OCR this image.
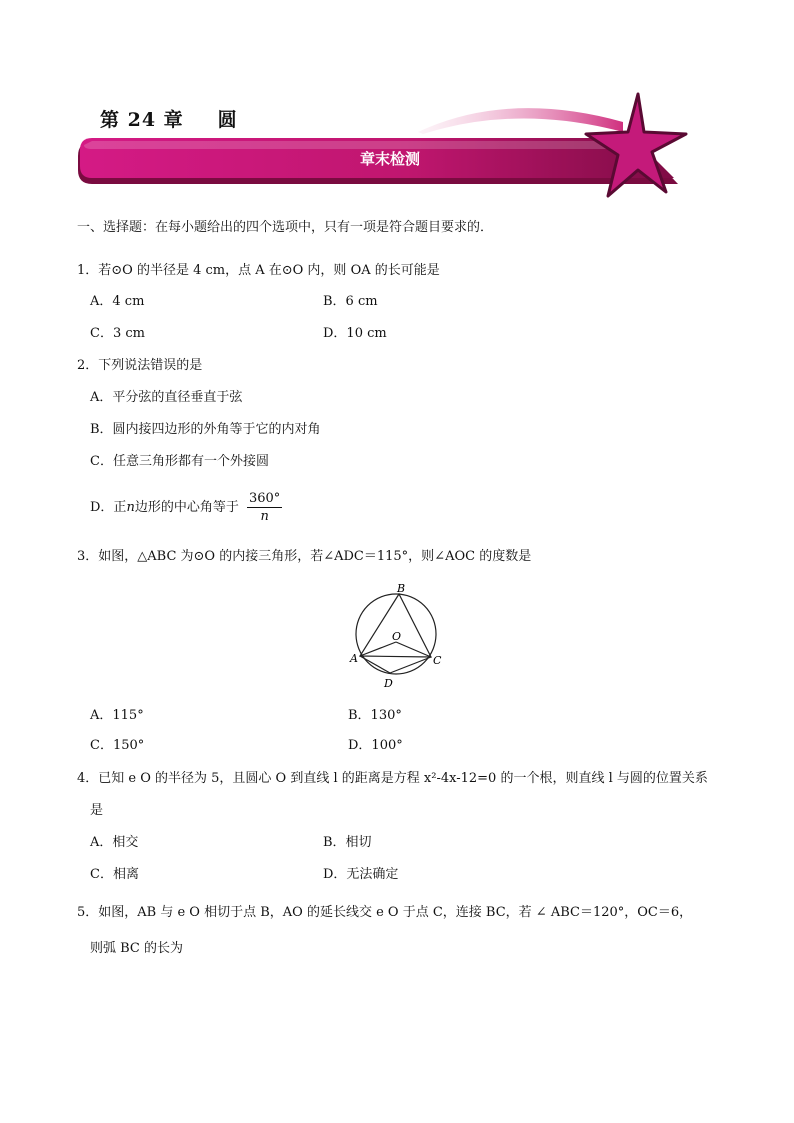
第 24 章 圆
章末检测
一、选择题：在每小题给出的四个选项中，只有一项是符合题目要求的．
1．若⊙O 的半径是 4 cm，点 A 在⊙O 内，则 OA 的长可能是
A．4 cm	B．6 cm
C．3 cm	D．10 cm
2．下列说法错误的是
A．平分弦的直径垂直于弦
B．圆内接四边形的外角等于它的内对角
C．任意三角形都有一个外接圆
D．正n边形的中心角等于 $\frac{360^\circ}{n}$
3．如图，△ABC 为⊙O 的内接三角形，若∠ADC＝115°，则∠AOC 的度数是
B
O
A	C
D
A．115°	B．130°
C．150°	D．100°
4．已知 e O 的半径为 5，且圆心 O 到直线 l 的距离是方程 x²-4x-12=0 的一个根，则直线 l 与圆的位置关系
是
A．相交	B．相切
C．相离	D．无法确定
5．如图，AB 与 e O 相切于点 B，AO 的延长线交 e O 于点 C，连接 BC，若 ∠ ABC＝120°，OC＝6，
则弧 BC 的长为
